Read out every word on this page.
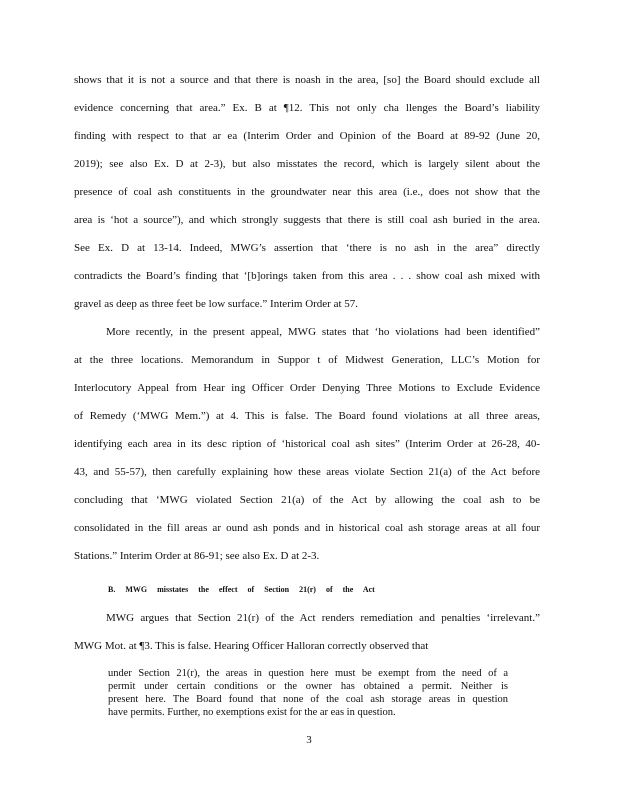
shows that it is not a source and that there is noash in the area, [so] the Board should exclude all
evidence concerning that area.” Ex. B at ¶12. This not only cha llenges the Board’s liability
finding with respect to that ar ea (Interim Order and Opinion of the Board at 89-92 (June 20,
2019); see also Ex. D at 2-3), but also misstates the record, which is largely silent about the
presence of coal ash constituents in the groundwater near this area (i.e., does not show that the
area is ‘hot a source”), and which strongly suggests that there is still coal ash buried in the area.
See Ex. D at 13-14. Indeed, MWG’s assertion that ‘there is no ash in the area” directly
contradicts the Board’s finding that ‘[b]orings taken from this area . . . show coal ash mixed with
gravel as deep as three feet be low surface.” Interim Order at 57.
More recently, in the present appeal, MWG states that ‘ho violations had been identified”
at the three locations. Memorandum in Suppor t of Midwest Generation, LLC’s Motion for
Interlocutory Appeal from Hear ing Officer Order Denying Three Motions to Exclude Evidence
of Remedy (‘MWG Mem.”) at 4. This is false. The Board found violations at all three areas,
identifying each area in its desc ription of ‘historical coal ash sites” (Interim Order at 26-28, 40-
43, and 55-57), then carefully explaining how these areas violate Section 21(a) of the Act before
concluding that ‘MWG violated Section 21(a) of the Act by allowing the coal ash to be
consolidated in the fill areas ar ound ash ponds and in historical coal ash storage areas at all four
Stations.” Interim Order at 86-91; see also Ex. D at 2-3.
B. MWG misstates the effect of Section 21(r) of the Act
MWG argues that Section 21(r) of the Act renders remediation and penalties ‘irrelevant.”
MWG Mot. at ¶3. This is false. Hearing Officer Halloran correctly observed that
under Section 21(r), the areas in question here must be exempt from the need of a
permit under certain conditions or the owner has obtained a permit. Neither is
present here. The Board found that none of the coal ash storage areas in question
have permits. Further, no exemptions exist for the ar eas in question.
3
